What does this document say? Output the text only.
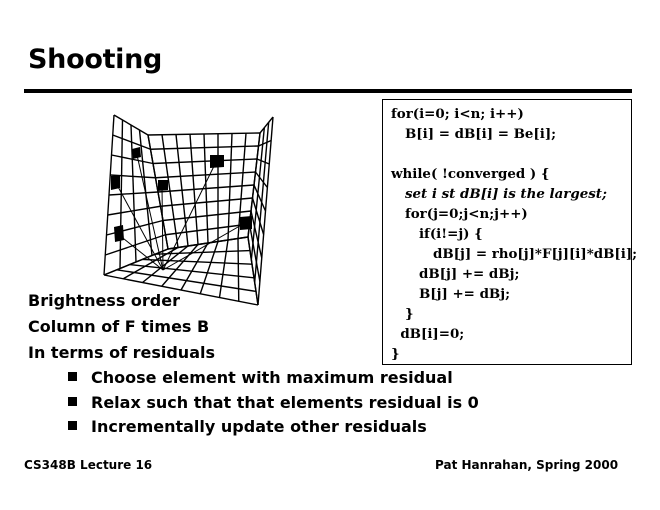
Shooting
for(i=0; i<n; i++)
B[i] = dB[i] = Be[i];
while( !converged ) {
set i st dB[i] is the largest;
for(j=0;j<n;j++)
if(i!=j) {
dB[j] = rho[j]*F[j][i]*dB[i];
dB[j] += dBj;
B[j] += dBj;
}
dB[i]=0;
}
Brightness order
Column of F times B
In terms of residuals
Choose element with maximum residual
Relax such that that elements residual is 0
Incrementally update other residuals
CS348B Lecture 16	Pat Hanrahan, Spring 2000
